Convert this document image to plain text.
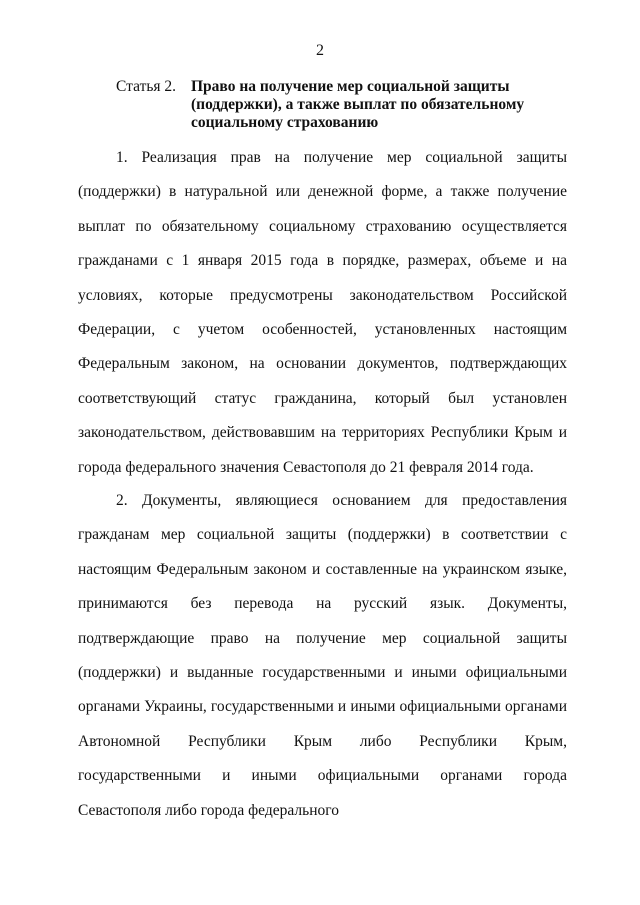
2
Статья 2. Право на получение мер социальной защиты (поддержки), а также выплат по обязательному социальному страхованию

1. Реализация прав на получение мер социальной защиты (поддержки) в натуральной или денежной форме, а также получение выплат по обязательному социальному страхованию осуществляется гражданами с 1 января 2015 года в порядке, размерах, объеме и на условиях, которые предусмотрены законодательством Российской Федерации, с учетом особенностей, установленных настоящим Федеральным законом, на основании документов, подтверждающих соответствующий статус гражданина, который был установлен законодательством, действовавшим на территориях Республики Крым и города федерального значения Севастополя до 21 февраля 2014 года.

2. Документы, являющиеся основанием для предоставления гражданам мер социальной защиты (поддержки) в соответствии с настоящим Федеральным законом и составленные на украинском языке, принимаются без перевода на русский язык. Документы, подтверждающие право на получение мер социальной защиты (поддержки) и выданные государственными и иными официальными органами Украины, государственными и иными официальными органами Автономной Республики Крым либо Республики Крым, государственными и иными официальными органами города Севастополя либо города федерального
